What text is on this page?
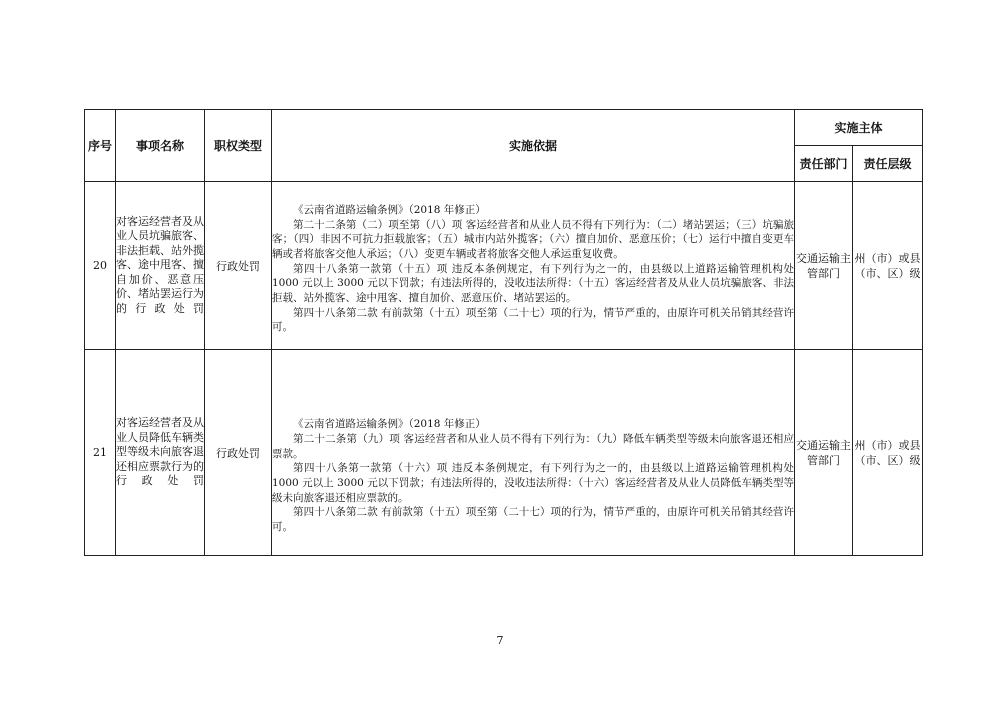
序号	事项名称	职权类型	实施依据	实施主体	
				责任部门	责任层级
20	对客运经营者及从业人员坑骗旅客、非法拒载、站外揽客、途中甩客、擅自加价、恶意压价、堵站罢运行为的行政处罚	行政处罚	《云南省道路运输条例》（2018 年修正）

第二十二条第（二）项至第（八）项 客运经营者和从业人员不得有下列行为：（二）堵站罢运；（三）坑骗旅客；（四）非因不可抗力拒载旅客；（五）城市内站外揽客；（六）擅自加价、恶意压价；（七）运行中擅自变更车辆或者将旅客交他人承运；（八）变更车辆或者将旅客交他人承运重复收费。

第四十八条第一款第（十五）项 违反本条例规定，有下列行为之一的，由县级以上道路运输管理机构处 1000 元以上 3000 元以下罚款；有违法所得的，没收违法所得：（十五）客运经营者及从业人员坑骗旅客、非法拒载、站外揽客、途中甩客、擅自加价、恶意压价、堵站罢运的。

第四十八条第二款 有前款第（十五）项至第（二十七）项的行为，情节严重的，由原许可机关吊销其经营许可。	交通运输主管部门	州（市）或县（市、区）级
21	对客运经营者及从业人员降低车辆类型等级未向旅客退还相应票款行为的行政处罚	行政处罚	《云南省道路运输条例》（2018 年修正）

第二十二条第（九）项 客运经营者和从业人员不得有下列行为：（九）降低车辆类型等级未向旅客退还相应票款。

第四十八条第一款第（十六）项 违反本条例规定，有下列行为之一的，由县级以上道路运输管理机构处 1000 元以上 3000 元以下罚款；有违法所得的，没收违法所得：（十六）客运经营者及从业人员降低车辆类型等级未向旅客退还相应票款的。

第四十八条第二款 有前款第（十五）项至第（二十七）项的行为，情节严重的，由原许可机关吊销其经营许可。	交通运输主管部门	州（市）或县（市、区）级
7
